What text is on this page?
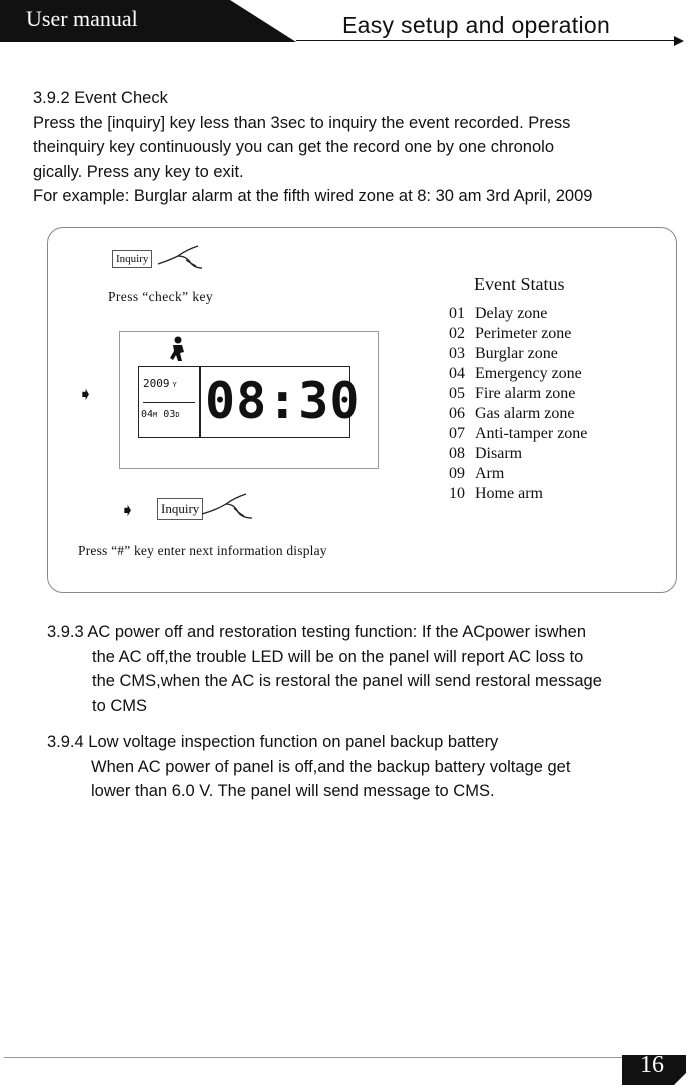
User manual	Easy setup and operation

3.9.2 Event Check

Press the [inquiry] key less than 3sec to inquiry the event recorded. Press

theinquiry key continuously you can get the record one by one chronolo

gically. Press any key to exit.

For example: Burglar alarm at the fifth wired zone at 8: 30 am 3rd April, 2009

Inquiry
Press “check” key
➧
2009 Y
04M 03D 08:30
➧	Inquiry
Press “#” key enter next information display
Event Status
01 Delay zone
02 Perimeter zone
03 Burglar zone
04 Emergency zone
05 Fire alarm zone
06 Gas alarm zone
07 Anti-tamper zone
08 Disarm
09 Arm
10 Home arm

3.9.3 AC power off and restoration testing function: If the ACpower iswhen

the AC off,the trouble LED will be on the panel will report AC loss to

the CMS,when the AC is restoral the panel will send restoral message

to CMS

3.9.4 Low voltage inspection function on panel backup battery

When AC power of panel is off,and the backup battery voltage get

lower than 6.0 V. The panel will send message to CMS.

16
